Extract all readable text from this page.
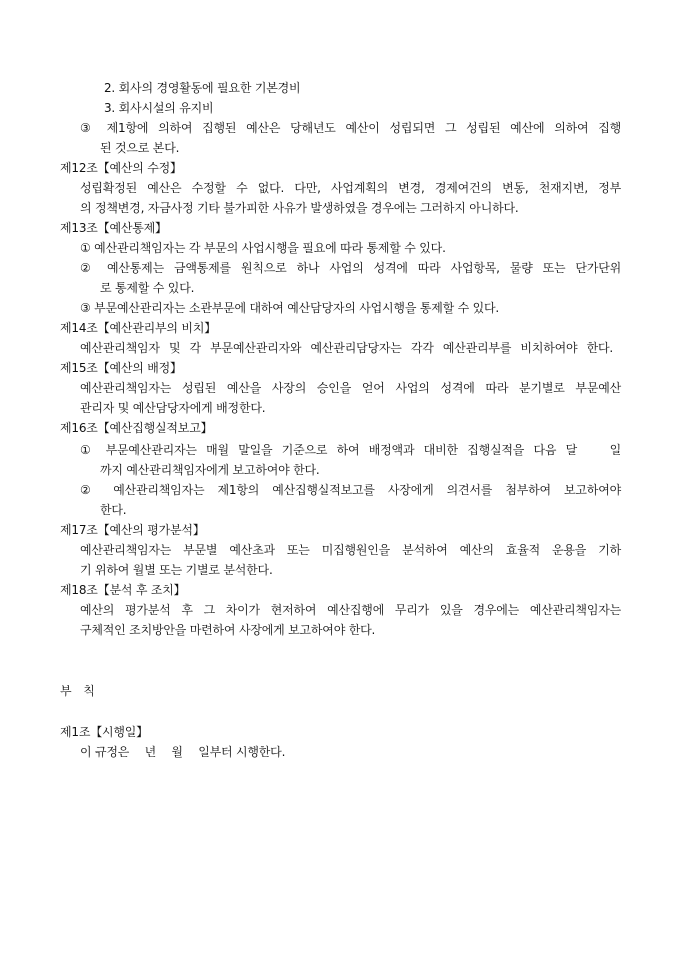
2. 회사의 경영활동에 필요한 기본경비
3. 회사시설의 유지비
③ 제1항에 의하여 집행된 예산은 당해년도 예산이 성립되면 그 성립된 예산에 의하여 집행
된 것으로 본다.
제12조【예산의 수정】
성립확정된 예산은 수정할 수 없다. 다만, 사업계획의 변경, 경제여건의 변동, 천재지변, 정부
의 정책변경, 자금사정 기타 불가피한 사유가 발생하였을 경우에는 그러하지 아니하다.
제13조【예산통제】
① 예산관리책임자는 각 부문의 사업시행을 필요에 따라 통제할 수 있다.
② 예산통제는 금액통제를 원칙으로 하나 사업의 성격에 따라 사업항목, 물량 또는 단가단위
로 통제할 수 있다.
③ 부문예산관리자는 소관부문에 대하여 예산담당자의 사업시행을 통제할 수 있다.
제14조【예산관리부의 비치】
예산관리책임자 및 각 부문예산관리자와 예산관리담당자는 각각 예산관리부를 비치하여야 한다.
제15조【예산의 배정】
예산관리책임자는 성립된 예산을 사장의 승인을 얻어 사업의 성격에 따라 분기별로 부문예산
관리자 및 예산담당자에게 배정한다.
제16조【예산집행실적보고】
① 부문예산관리자는 매월 말일을 기준으로 하여 배정액과 대비한 집행실적을 다음 달　 일
까지 예산관리책임자에게 보고하여야 한다.
② 예산관리책임자는 제1항의 예산집행실적보고를 사장에게 의견서를 첨부하여 보고하여야
한다.
제17조【예산의 평가분석】
예산관리책임자는 부문별 예산초과 또는 미집행원인을 분석하여 예산의 효율적 운용을 기하
기 위하여 월별 또는 기별로 분석한다.
제18조【분석 후 조치】
예산의 평가분석 후 그 차이가 현저하여 예산집행에 무리가 있을 경우에는 예산관리책임자는
구체적인 조치방안을 마련하여 사장에게 보고하여야 한다.
부　칙
제1조【시행일】
이 규정은　 년　 월　 일부터 시행한다.
